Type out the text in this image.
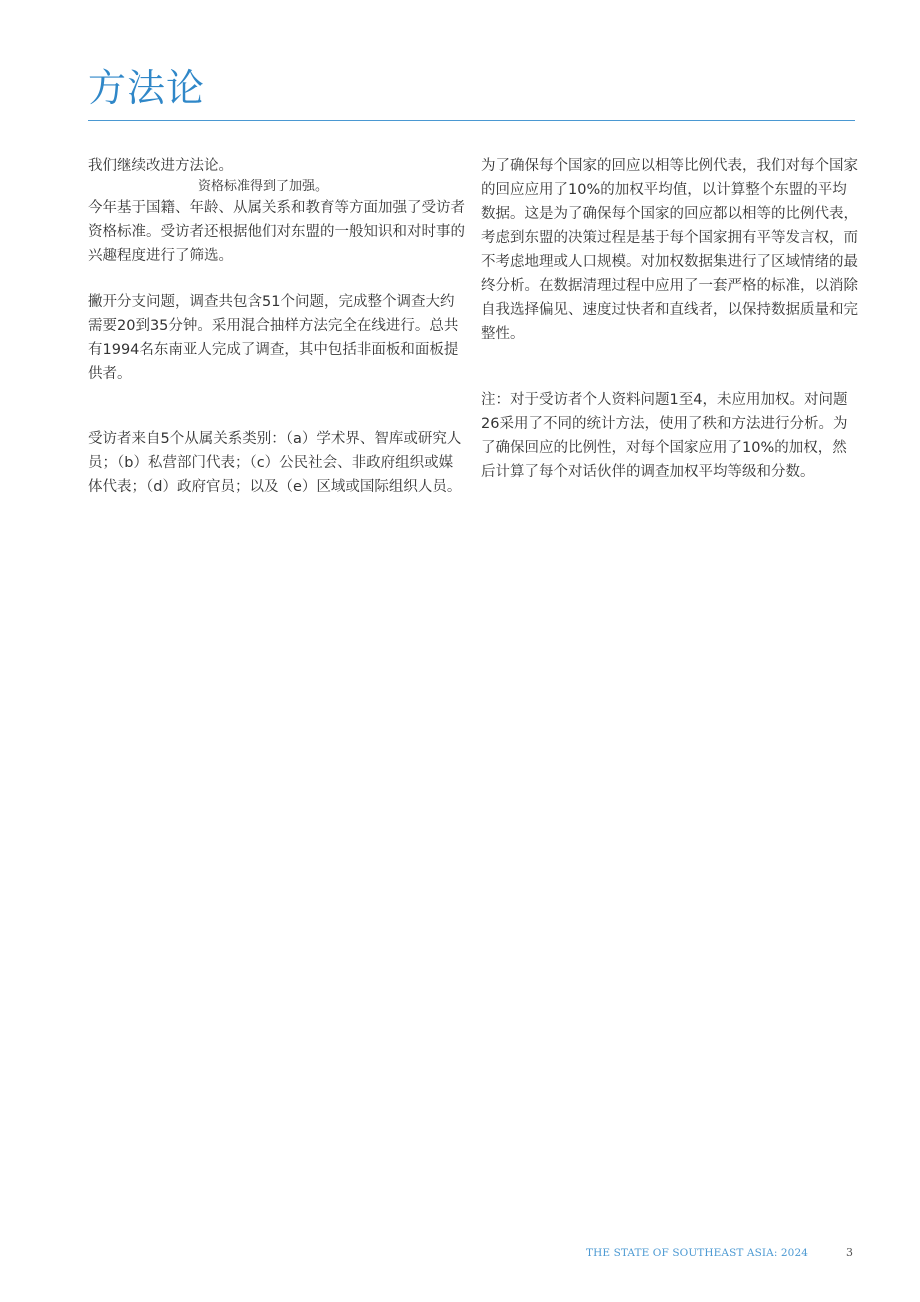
方法论

我们继续改进方法论。

资格标准得到了加强。

今年基于国籍、年龄、从属关系和教育等方面加强了受访者资格标准。受访者还根据他们对东盟的一般知识和对时事的兴趣程度进行了筛选。

撇开分支问题，调查共包含51个问题，完成整个调查大约需要20到35分钟。采用混合抽样方法完全在线进行。总共有1994名东南亚人完成了调查，其中包括非面板和面板提供者。

受访者来自5个从属关系类别：（a）学术界、智库或研究人员；（b）私营部门代表；（c）公民社会、非政府组织或媒体代表；（d）政府官员；以及（e）区域或国际组织人员。

为了确保每个国家的回应以相等比例代表，我们对每个国家的回应应用了10%的加权平均值，以计算整个东盟的平均数据。这是为了确保每个国家的回应都以相等的比例代表，考虑到东盟的决策过程是基于每个国家拥有平等发言权，而不考虑地理或人口规模。对加权数据集进行了区域情绪的最终分析。在数据清理过程中应用了一套严格的标准，以消除自我选择偏见、速度过快者和直线者，以保持数据质量和完整性。

注：对于受访者个人资料问题1至4，未应用加权。对问题26采用了不同的统计方法，使用了秩和方法进行分析。为了确保回应的比例性，对每个国家应用了10%的加权，然后计算了每个对话伙伴的调查加权平均等级和分数。

THE STATE OF SOUTHEAST ASIA: 2024	3
